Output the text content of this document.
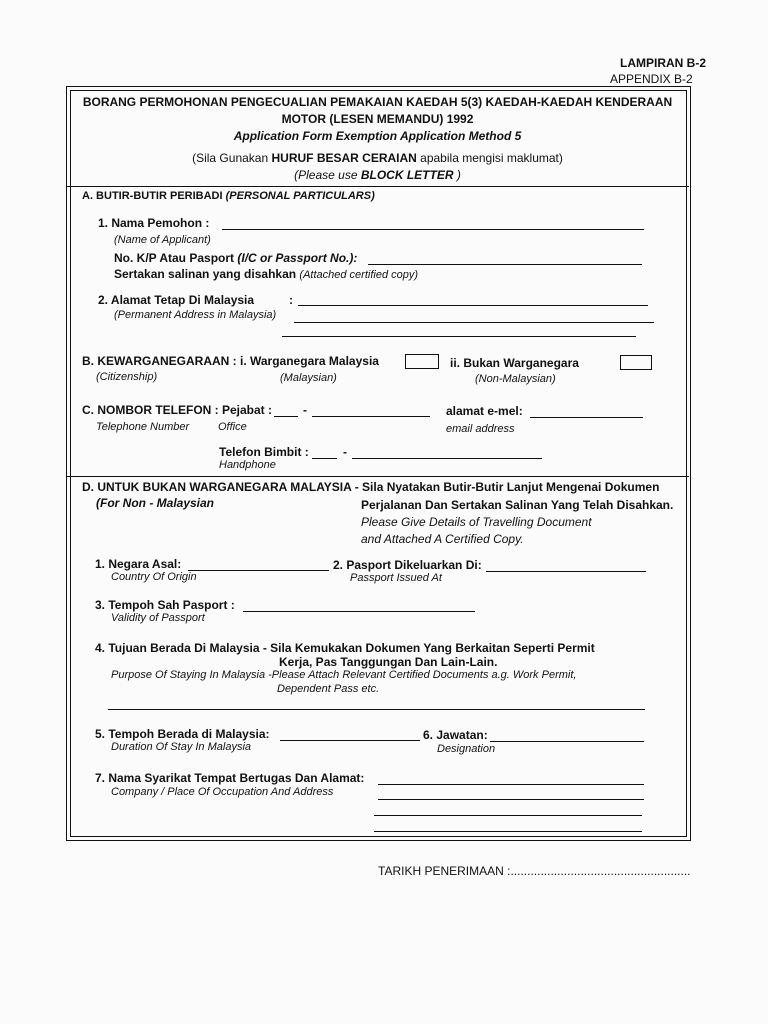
LAMPIRAN B-2
APPENDIX B-2
BORANG PERMOHONAN PENGECUALIAN PEMAKAIAN KAEDAH 5(3) KAEDAH-KAEDAH KENDERAAN
MOTOR (LESEN MEMANDU) 1992
Application Form Exemption Application Method 5
(Sila Gunakan HURUF BESAR CERAIAN apabila mengisi maklumat)
(Please use BLOCK LETTER )
A. BUTIR-BUTIR PERIBADI (PERSONAL PARTICULARS)
1. Nama Pemohon :
(Name of Applicant)
No. K/P Atau Pasport (I/C or Passport No.):
Sertakan salinan yang disahkan (Attached certified copy)
2. Alamat Tetap Di Malaysia	:
(Permanent Address in Malaysia)
B. KEWARGANEGARAAN : i. Warganegara Malaysia	ii. Bukan Warganegara
(Citizenship)	(Malaysian)	(Non-Malaysian)
C. NOMBOR TELEFON : Pejabat :	-	alamat e-mel:
Telephone Number	Office	email address
Telefon Bimbit :	-
Handphone
D. UNTUK BUKAN WARGANEGARA MALAYSIA - Sila Nyatakan Butir-Butir Lanjut Mengenai Dokumen
(For Non - Malaysian	Perjalanan Dan Sertakan Salinan Yang Telah Disahkan.
Please Give Details of Travelling Document
and Attached A Certified Copy.
1. Negara Asal:	2. Pasport Dikeluarkan Di:
Country Of Origin	Passport Issued At
3. Tempoh Sah Pasport :
Validity of Passport
4. Tujuan Berada Di Malaysia - Sila Kemukakan Dokumen Yang Berkaitan Seperti Permit
Kerja, Pas Tanggungan Dan Lain-Lain.
Purpose Of Staying In Malaysia -Please Attach Relevant Certified Documents a.g. Work Permit,
Dependent Pass etc.
5. Tempoh Berada di Malaysia:	6. Jawatan:
Duration Of Stay In Malaysia	Designation
7. Nama Syarikat Tempat Bertugas Dan Alamat:
Company / Place Of Occupation And Address
TARIKH PENERIMAAN :......................................................
